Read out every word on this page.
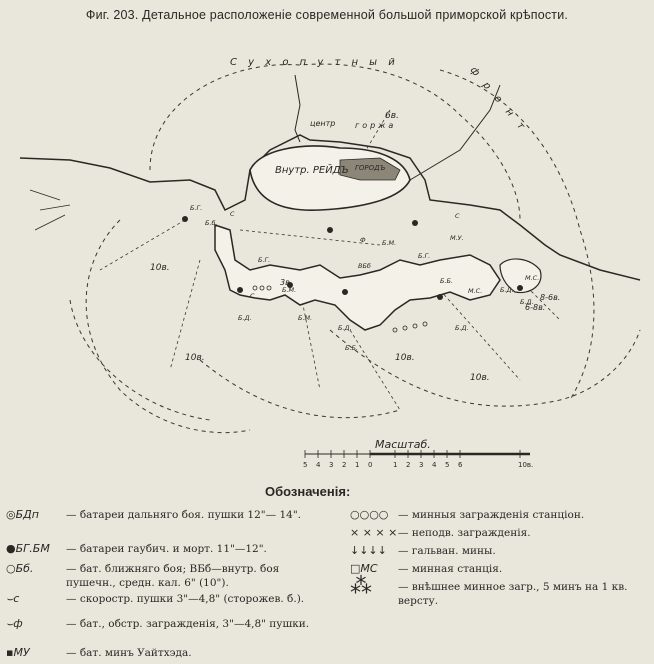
Фиг. 203. Детальное расположеніе современной большой приморской крѣпости.
С у х о п у т н ы й
ф р о н т
Внутр. РЕЙДЪ ГОРОДЪ
центр горжа
10в.
10в.	10в.
10в.
6в.
8-6в.
6-8в.
3в.
Б.Г.
Б.б.
Б.Г.
Б.Д.
Б.Д.
Б.М.
Б.М.
Б.Д.
Б.Д.
Б.Б.
Б.М.
Б.Г.
М.У.
М.С.	Б.Д.
Б.Б.	М.С.
Ф
С	С
С
ВБб
Масштаб.
5 4 3 2 1 0	1 2 3 4 5 6	10в.
Обозначенія:
◎БДп	— батареи дальняго боя. пушки 12"— 14".
●БГ.БМ — батареи гаубич. и морт. 11"—12".
○Бб.	— бат. ближняго боя; ВБб—внутр. боя пушечн., средн. кал. 6" (10").
⌣с	— скоростр. пушки 3"—4,8" (сторожев. б.).
⌣ф	— бат., обстр. загражденія, 3"—4,8" пушки.
▪МУ	— бат. минъ Уайтхэда.
○○○○ — минныя загражденія станціон.
× × × × — неподв. загражденія.
↓↓↓↓ — гальван. мины.
□МС — минная станція.
⁂ — внѣшнее минное загр., 5 минъ на 1 кв. версту.
